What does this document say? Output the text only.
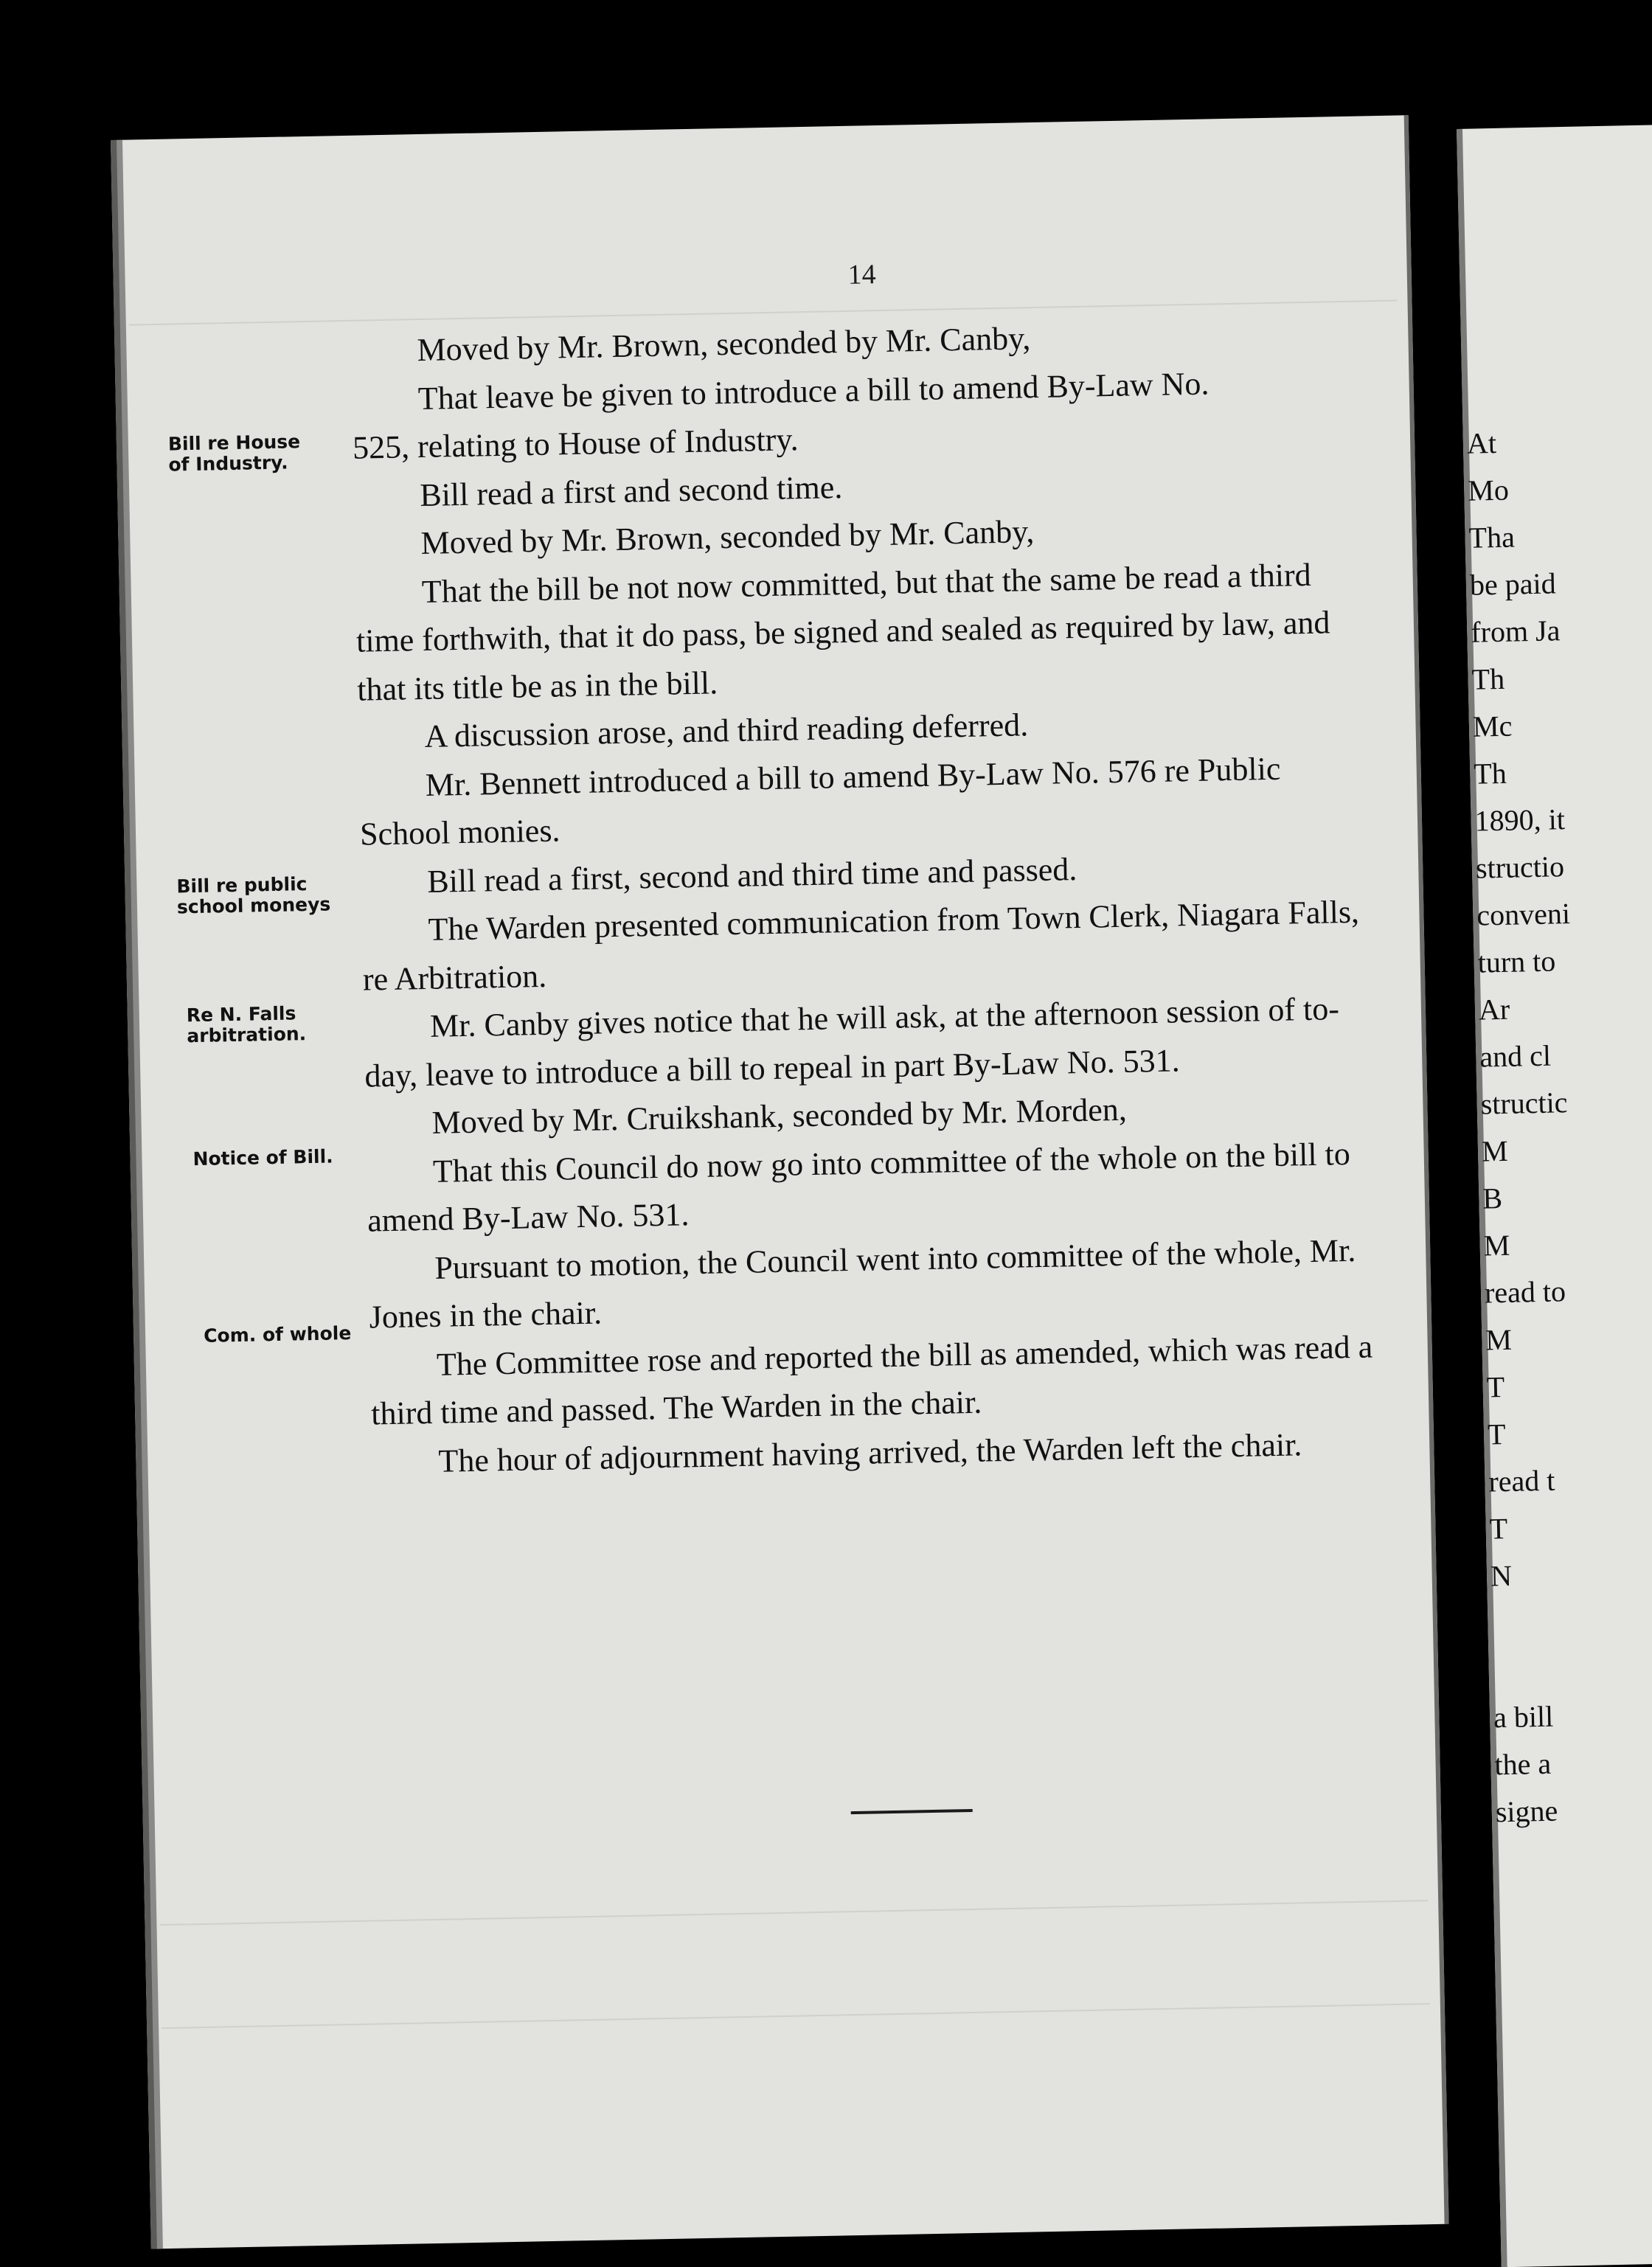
14
Bill re House of Industry.
Bill re public school moneys
Re N. Falls arbitration.
Notice of Bill.
Com. of whole

Moved by Mr. Brown, seconded by Mr. Canby,

That leave be given to introduce a bill to amend By-Law No.

525, relating to House of Industry.

Bill read a first and second time.

Moved by Mr. Brown, seconded by Mr. Canby,

That the bill be not now committed, but that the same be read a third time forthwith, that it do pass, be signed and sealed as required by law, and that its title be as in the bill.

A discussion arose, and third reading deferred.

Mr. Bennett introduced a bill to amend By-Law No. 576 re Public School monies.

Bill read a first, second and third time and passed.

The Warden presented communication from Town Clerk, Niagara Falls, re Arbitration.

Mr. Canby gives notice that he will ask, at the afternoon session of to-day, leave to introduce a bill to repeal in part By-Law No. 531.

Moved by Mr. Cruikshank, seconded by Mr. Morden,

That this Council do now go into committee of the whole on the bill to amend By-Law No. 531.

Pursuant to motion, the Council went into committee of the whole, Mr. Jones in the chair.

The Committee rose and reported the bill as amended, which was read a third time and passed. The Warden in the chair.

The hour of adjournment having arrived, the Warden left the chair.

At
Mo
Tha
be paid
from Ja
Th
Mc
Th
1890, it
structio
conveni
turn to
Ar
and cl
structic
M
B
M
read to
M
T
T
read t
T
N
a bill
the a
signe
